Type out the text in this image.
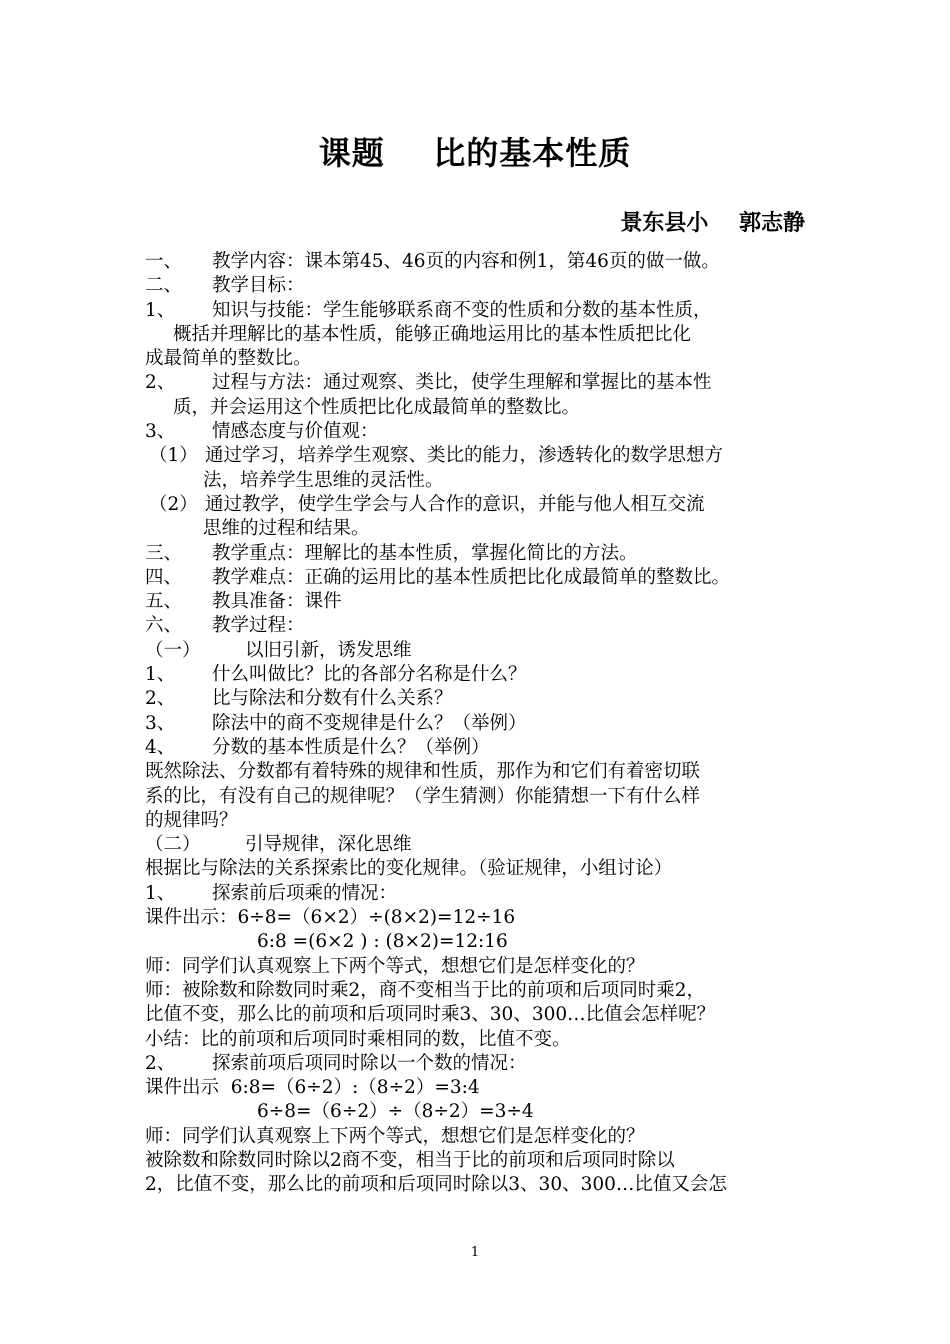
课题    比的基本性质
景东县小    郭志静
一、 教学内容：课本第45、46页的内容和例1，第46页的做一做。
二、 教学目标：
1、 知识与技能：学生能够联系商不变的性质和分数的基本性质，
概括并理解比的基本性质，能够正确地运用比的基本性质把比化
成最简单的整数比。
2、 过程与方法：通过观察、类比，使学生理解和掌握比的基本性
质，并会运用这个性质把比化成最简单的整数比。
3、 情感态度与价值观：
（1） 通过学习，培养学生观察、类比的能力，渗透转化的数学思想方
法，培养学生思维的灵活性。
（2） 通过教学，使学生学会与人合作的意识，并能与他人相互交流
思维的过程和结果。
三、 教学重点：理解比的基本性质，掌握化简比的方法。
四、 教学难点：正确的运用比的基本性质把比化成最简单的整数比。
五、 教具准备：课件
六、 教学过程：
（一） 以旧引新，诱发思维
1、 什么叫做比？比的各部分名称是什么？
2、 比与除法和分数有什么关系？
3、 除法中的商不变规律是什么？（举例）
4、 分数的基本性质是什么？（举例）
既然除法、分数都有着特殊的规律和性质，那作为和它们有着密切联
系的比，有没有自己的规律呢？（学生猜测）你能猜想一下有什么样
的规律吗？
（二） 引导规律，深化思维
根据比与除法的关系探索比的变化规律。（验证规律，小组讨论）
1、 探索前后项乘的情况：
课件出示：6÷8=（6×2）÷(8×2)=12÷16
6:8 =(6×2 ) : (8×2)=12:16
师：同学们认真观察上下两个等式，想想它们是怎样变化的？
师：被除数和除数同时乘2，商不变相当于比的前项和后项同时乘2，
比值不变，那么比的前项和后项同时乘3、30、300…比值会怎样呢？
小结：比的前项和后项同时乘相同的数，比值不变。
2、 探索前项后项同时除以一个数的情况：
课件出示  6:8=（6÷2）:（8÷2）=3:4
6÷8=（6÷2）÷（8÷2）=3÷4
师：同学们认真观察上下两个等式，想想它们是怎样变化的？
被除数和除数同时除以2商不变，相当于比的前项和后项同时除以
2，比值不变，那么比的前项和后项同时除以3、30、300…比值又会怎
1
